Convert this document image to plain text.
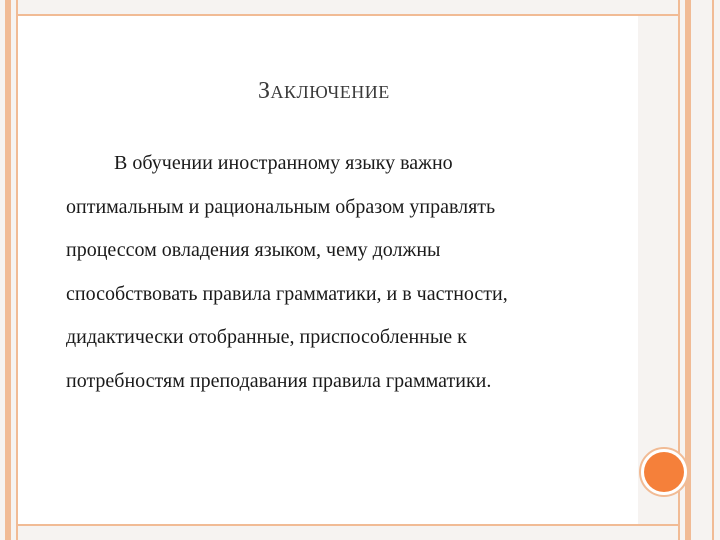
ЗАКЛЮЧЕНИЕ
В обучении иностранному языку важно
оптимальным и рациональным образом управлять
процессом овладения языком, чему должны
способствовать правила грамматики, и в частности,
дидактически отобранные, приспособленные к
потребностям преподавания правила грамматики.
